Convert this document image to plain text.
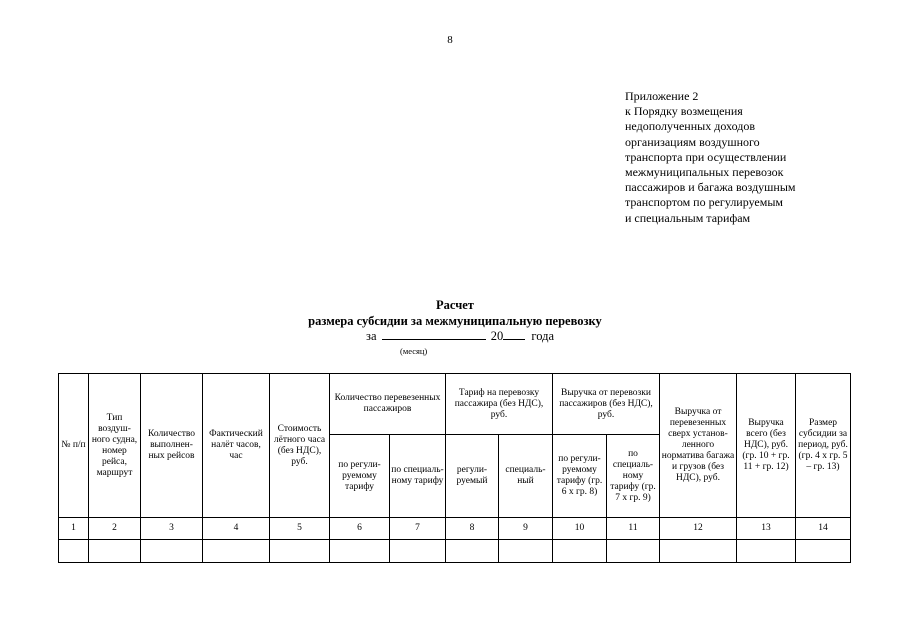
8
Приложение 2
к Порядку возмещения
недополученных доходов
организациям воздушного
транспорта при осуществлении
межмуниципальных перевозок
пассажиров и багажа воздушным
транспортом по регулируемым
и специальным тарифам
Расчет
размера субсидии за межмуниципальную перевозку
за	20 года
(месяц)
№ п/п	Тип воздуш-ного судна, номер рейса, маршрут	Количество выполнен-ных рейсов	Фактический налёт часов, час	Стоимость лётного часа (без НДС), руб.	Количество перевезенных пассажиров		Тариф на перевозку пассажира (без НДС), руб.		Выручка от перевозки пассажиров (без НДС), руб.		Выручка от перевезенных сверх установ-ленного норматива багажа и грузов (без НДС), руб.	Выручка всего (без НДС), руб. (гр. 10 + гр. 11 + гр. 12)	Размер субсидии за период, руб. (гр. 4 х гр. 5 – гр. 13)
					по регули-руемому тарифу	по специаль-ному тарифу	регули-руемый	специаль-ный	по регули-руемому тарифу (гр. 6 х гр. 8)	по специаль-ному тарифу (гр. 7 х гр. 9)			
1	2	3	4	5	6	7	8	9	10	11	12	13	14
